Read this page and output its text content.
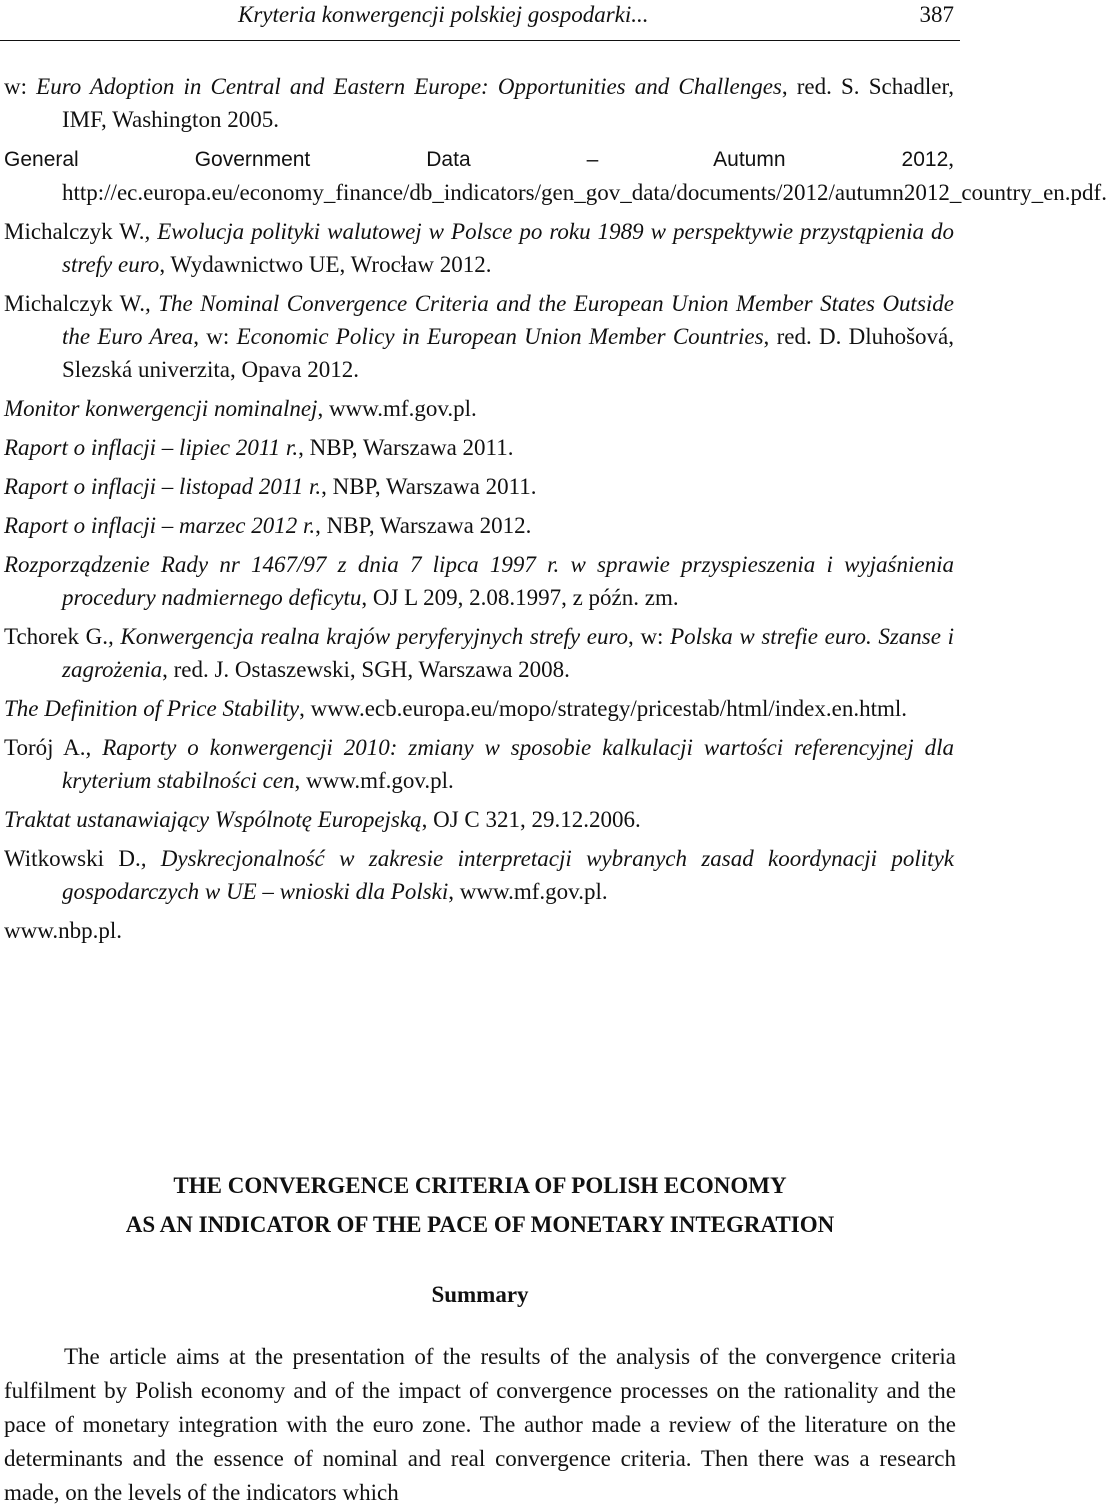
Kryteria konwergencji polskiej gospodarki...	387

w: Euro Adoption in Central and Eastern Europe: Opportunities and Challenges, red. S. Schadler, IMF, Washington 2005.

General Government Data – Autumn 2012, http://ec.europa.eu/economy_finance/db_indicators/gen_gov_data/documents/2012/autumn2012_country_en.pdf.

Michalczyk W., Ewolucja polityki walutowej w Polsce po roku 1989 w perspektywie przystąpienia do strefy euro, Wydawnictwo UE, Wrocław 2012.

Michalczyk W., The Nominal Convergence Criteria and the European Union Member States Outside the Euro Area, w: Economic Policy in European Union Member Countries, red. D. Dluhošová, Slezská univerzita, Opava 2012.

Monitor konwergencji nominalnej, www.mf.gov.pl.

Raport o inflacji – lipiec 2011 r., NBP, Warszawa 2011.

Raport o inflacji – listopad 2011 r., NBP, Warszawa 2011.

Raport o inflacji – marzec 2012 r., NBP, Warszawa 2012.

Rozporządzenie Rady nr 1467/97 z dnia 7 lipca 1997 r. w sprawie przyspieszenia i wyjaśnienia procedury nadmiernego deficytu, OJ L 209, 2.08.1997, z późn. zm.

Tchorek G., Konwergencja realna krajów peryferyjnych strefy euro, w: Polska w strefie euro. Szanse i zagrożenia, red. J. Ostaszewski, SGH, Warszawa 2008.

The Definition of Price Stability, www.ecb.europa.eu/mopo/strategy/pricestab/html/index.en.html.

Torój A., Raporty o konwergencji 2010: zmiany w sposobie kalkulacji wartości referencyjnej dla kryterium stabilności cen, www.mf.gov.pl.

Traktat ustanawiający Wspólnotę Europejską, OJ C 321, 29.12.2006.

Witkowski D., Dyskrecjonalność w zakresie interpretacji wybranych zasad koordynacji polityk gospodarczych w UE – wnioski dla Polski, www.mf.gov.pl.

www.nbp.pl.

THE CONVERGENCE CRITERIA OF POLISH ECONOMY
AS AN INDICATOR OF THE PACE OF MONETARY INTEGRATION
Summary

The article aims at the presentation of the results of the analysis of the convergence criteria fulfilment by Polish economy and of the impact of convergence processes on the rationality and the pace of monetary integration with the euro zone. The author made a review of the literature on the determinants and the essence of nominal and real convergence criteria. Then there was a research made, on the levels of the indicators which
